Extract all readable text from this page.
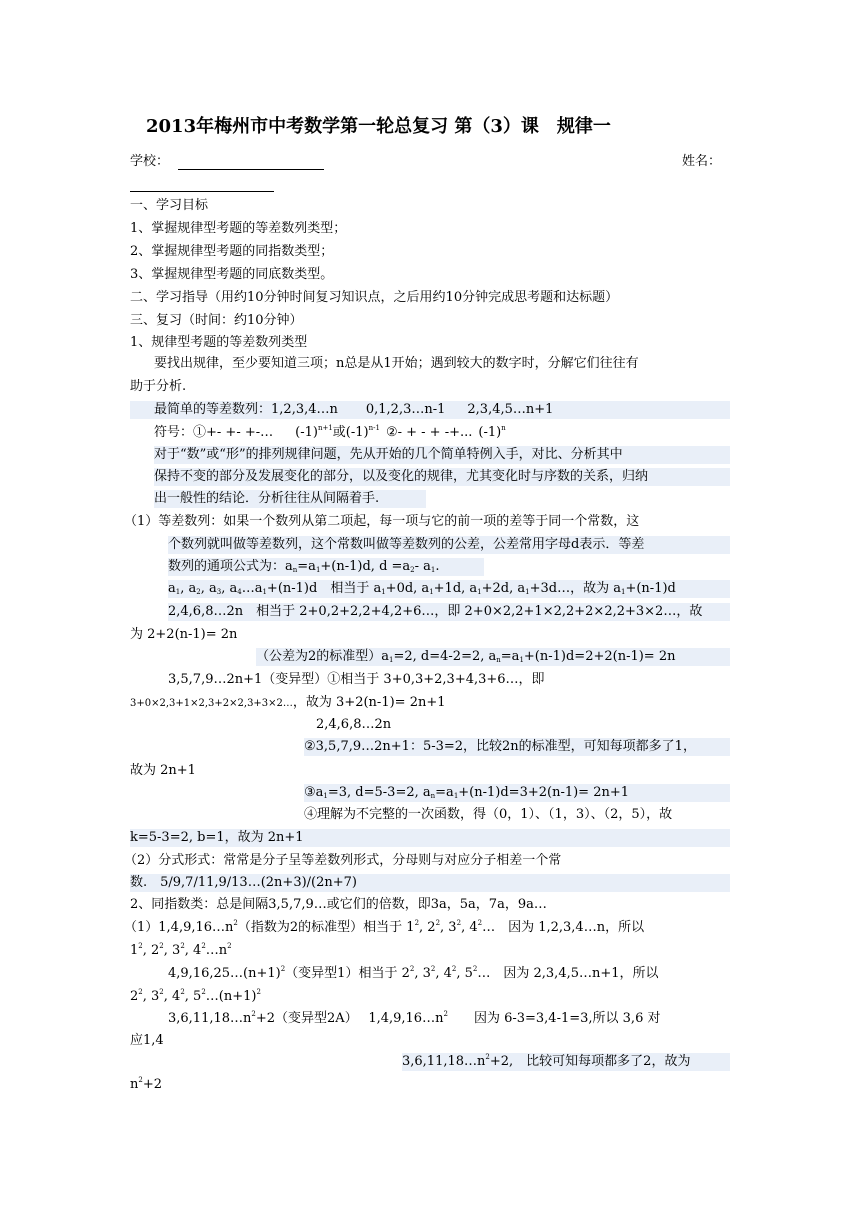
2013年梅州市中考数学第一轮总复习 第（3）课　规律一
学校：	姓名：
一、学习目标
1、掌握规律型考题的等差数列类型；
2、掌握规律型考题的同指数类型；
3、掌握规律型考题的同底数类型。
二、学习指导（用约10分钟时间复习知识点，之后用约10分钟完成思考题和达标题）
三、复习（时间：约10分钟）
1、规律型考题的等差数列类型
要找出规律，至少要知道三项；n总是从1开始；遇到较大的数字时，分解它们往往有
助于分析.
最简单的等差数列：1,2,3,4…n 0,1,2,3…n-1 2,3,4,5…n+1
符号：①+- +- +-… $(-1)^{n+1}$或$(-1)^{n-1}$ ②- + - + -+... $(-1)^n$
对于“数”或“形”的排列规律问题，先从开始的几个简单特例入手，对比、分析其中
保持不变的部分及发展变化的部分，以及变化的规律，尤其变化时与序数的关系，归纳
出一般性的结论．分析往往从间隔着手.
（1）等差数列：如果一个数列从第二项起，每一项与它的前一项的差等于同一个常数，这
个数列就叫做等差数列，这个常数叫做等差数列的公差，公差常用字母d表示．等差
数列的通项公式为：$a_n=a_1+(n-1)d$, $d =a_2-$ $a_1$.
$a_1$, $a_2$, $a_3$, $a_4\dots a_1+(n-1)d$　相当于 $a_1+0d$, $a_1+1d$, $a_1+2d$, $a_1+3d\dots$，故为 $a_1+(n-1)d$
2,4,6,8…2n　相当于 2+0,2+2,2+4,2+6…，即 2+0×2,2+1×2,2+2×2,2+3×2…，故
为 2+2(n-1)= 2n
（公差为2的标准型）$a_1=2$, d=4-2=2, $a_n=a_1+(n-1)d=2+2(n-1)= 2n$
3,5,7,9…2n+1（变异型）①相当于 3+0,3+2,3+4,3+6…，即
3+0×2,3+1×2,3+2×2,3+3×2…，故为 3+2(n-1)= 2n+1
2,4,6,8…2n
②3,5,7,9…2n+1：5-3=2，比较2n的标准型，可知每项都多了1，
故为 2n+1
$③a_1=3$, d=5-3=2, $a_n=a_1+(n-1)d=3+2(n-1)= 2n+1$
④理解为不完整的一次函数，得（0，1）、（1，3）、（2，5），故
k=5-3=2, b=1，故为 2n+1
（2）分式形式：常常是分子呈等差数列形式，分母则与对应分子相差一个常
数.　5/9,7/11,9/13…(2n+3)/(2n+7)
2、同指数类：总是间隔3,5,7,9…或它们的倍数，即3a，5a，7a，9a…
$(1)1,4,9,16\dots n^2$（指数为2的标准型）相当于 $1^2$, $2^2$, $3^2$, $4^2\dots$　因为 1,2,3,4…n，所以
$1^2$, $2^2$, $3^2$, $4^2\dots n^2$
$4,9,16,25\dots(n+1)^2$（变异型1）相当于 $2^2$, $3^2$, $4^2$, $5^2\dots$　因为 2,3,4,5…n+1，所以
$2^2$, $3^2$, $4^2$, $5^2\dots(n+1)^2$
$3,6,11,18\dots n^2+2$（变异型2A）　 $1,4,9,16\dots n^2$　　因为 6-3=3,4-1=3,所以 3,6 对
应1,4
$3,6,11,18\dots n^2+2$,　比较可知每项都多了2，故为
$n^2+2$
